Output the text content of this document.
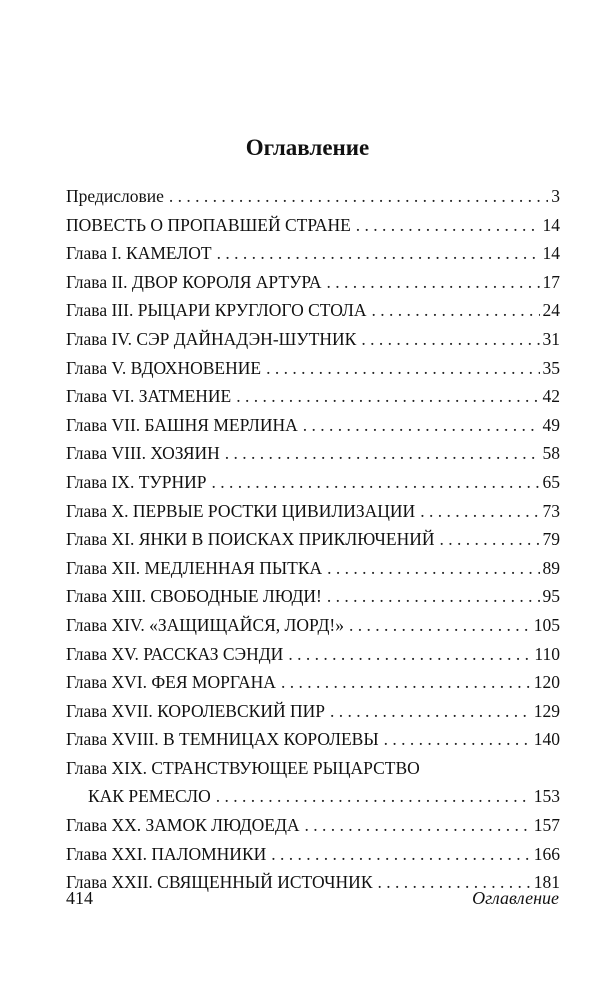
Оглавление
Предисловие . . .	3
ПОВЕСТЬ О ПРОПАВШЕЙ СТРАНЕ . . .	14
Глава I. КАМЕЛОТ . . .	14
Глава II. ДВОР КОРОЛЯ АРТУРА . . .	17
Глава III. РЫЦАРИ КРУГЛОГО СТОЛА . . .	24
Глава IV. СЭР ДАЙНАДЭН-ШУТНИК . . .	31
Глава V. ВДОХНОВЕНИЕ . . .	35
Глава VI. ЗАТМЕНИЕ . . .	42
Глава VII. БАШНЯ МЕРЛИНА . . .	49
Глава VIII. ХОЗЯИН . . .	58
Глава IX. ТУРНИР . . .	65
Глава X. ПЕРВЫЕ РОСТКИ ЦИВИЛИЗАЦИИ . . .	73
Глава XI. ЯНКИ В ПОИСКАХ ПРИКЛЮЧЕНИЙ . . .	79
Глава XII. МЕДЛЕННАЯ ПЫТКА . . .	89
Глава XIII. СВОБОДНЫЕ ЛЮДИ! . . .	95
Глава XIV. «ЗАЩИЩАЙСЯ, ЛОРД!» . . .	105
Глава XV. РАССКАЗ СЭНДИ . . .	110
Глава XVI. ФЕЯ МОРГАНА . . .	120
Глава XVII. КОРОЛЕВСКИЙ ПИР . . .	129
Глава XVIII. В ТЕМНИЦАХ КОРОЛЕВЫ . . .	140
Глава XIX. СТРАНСТВУЮЩЕЕ РЫЦАРСТВО
КАК РЕМЕСЛО . . .	153
Глава XX. ЗАМОК ЛЮДОЕДА . . .	157
Глава XXI. ПАЛОМНИКИ . . .	166
Глава XXII. СВЯЩЕННЫЙ ИСТОЧНИК . . .	181
414	Оглавление
